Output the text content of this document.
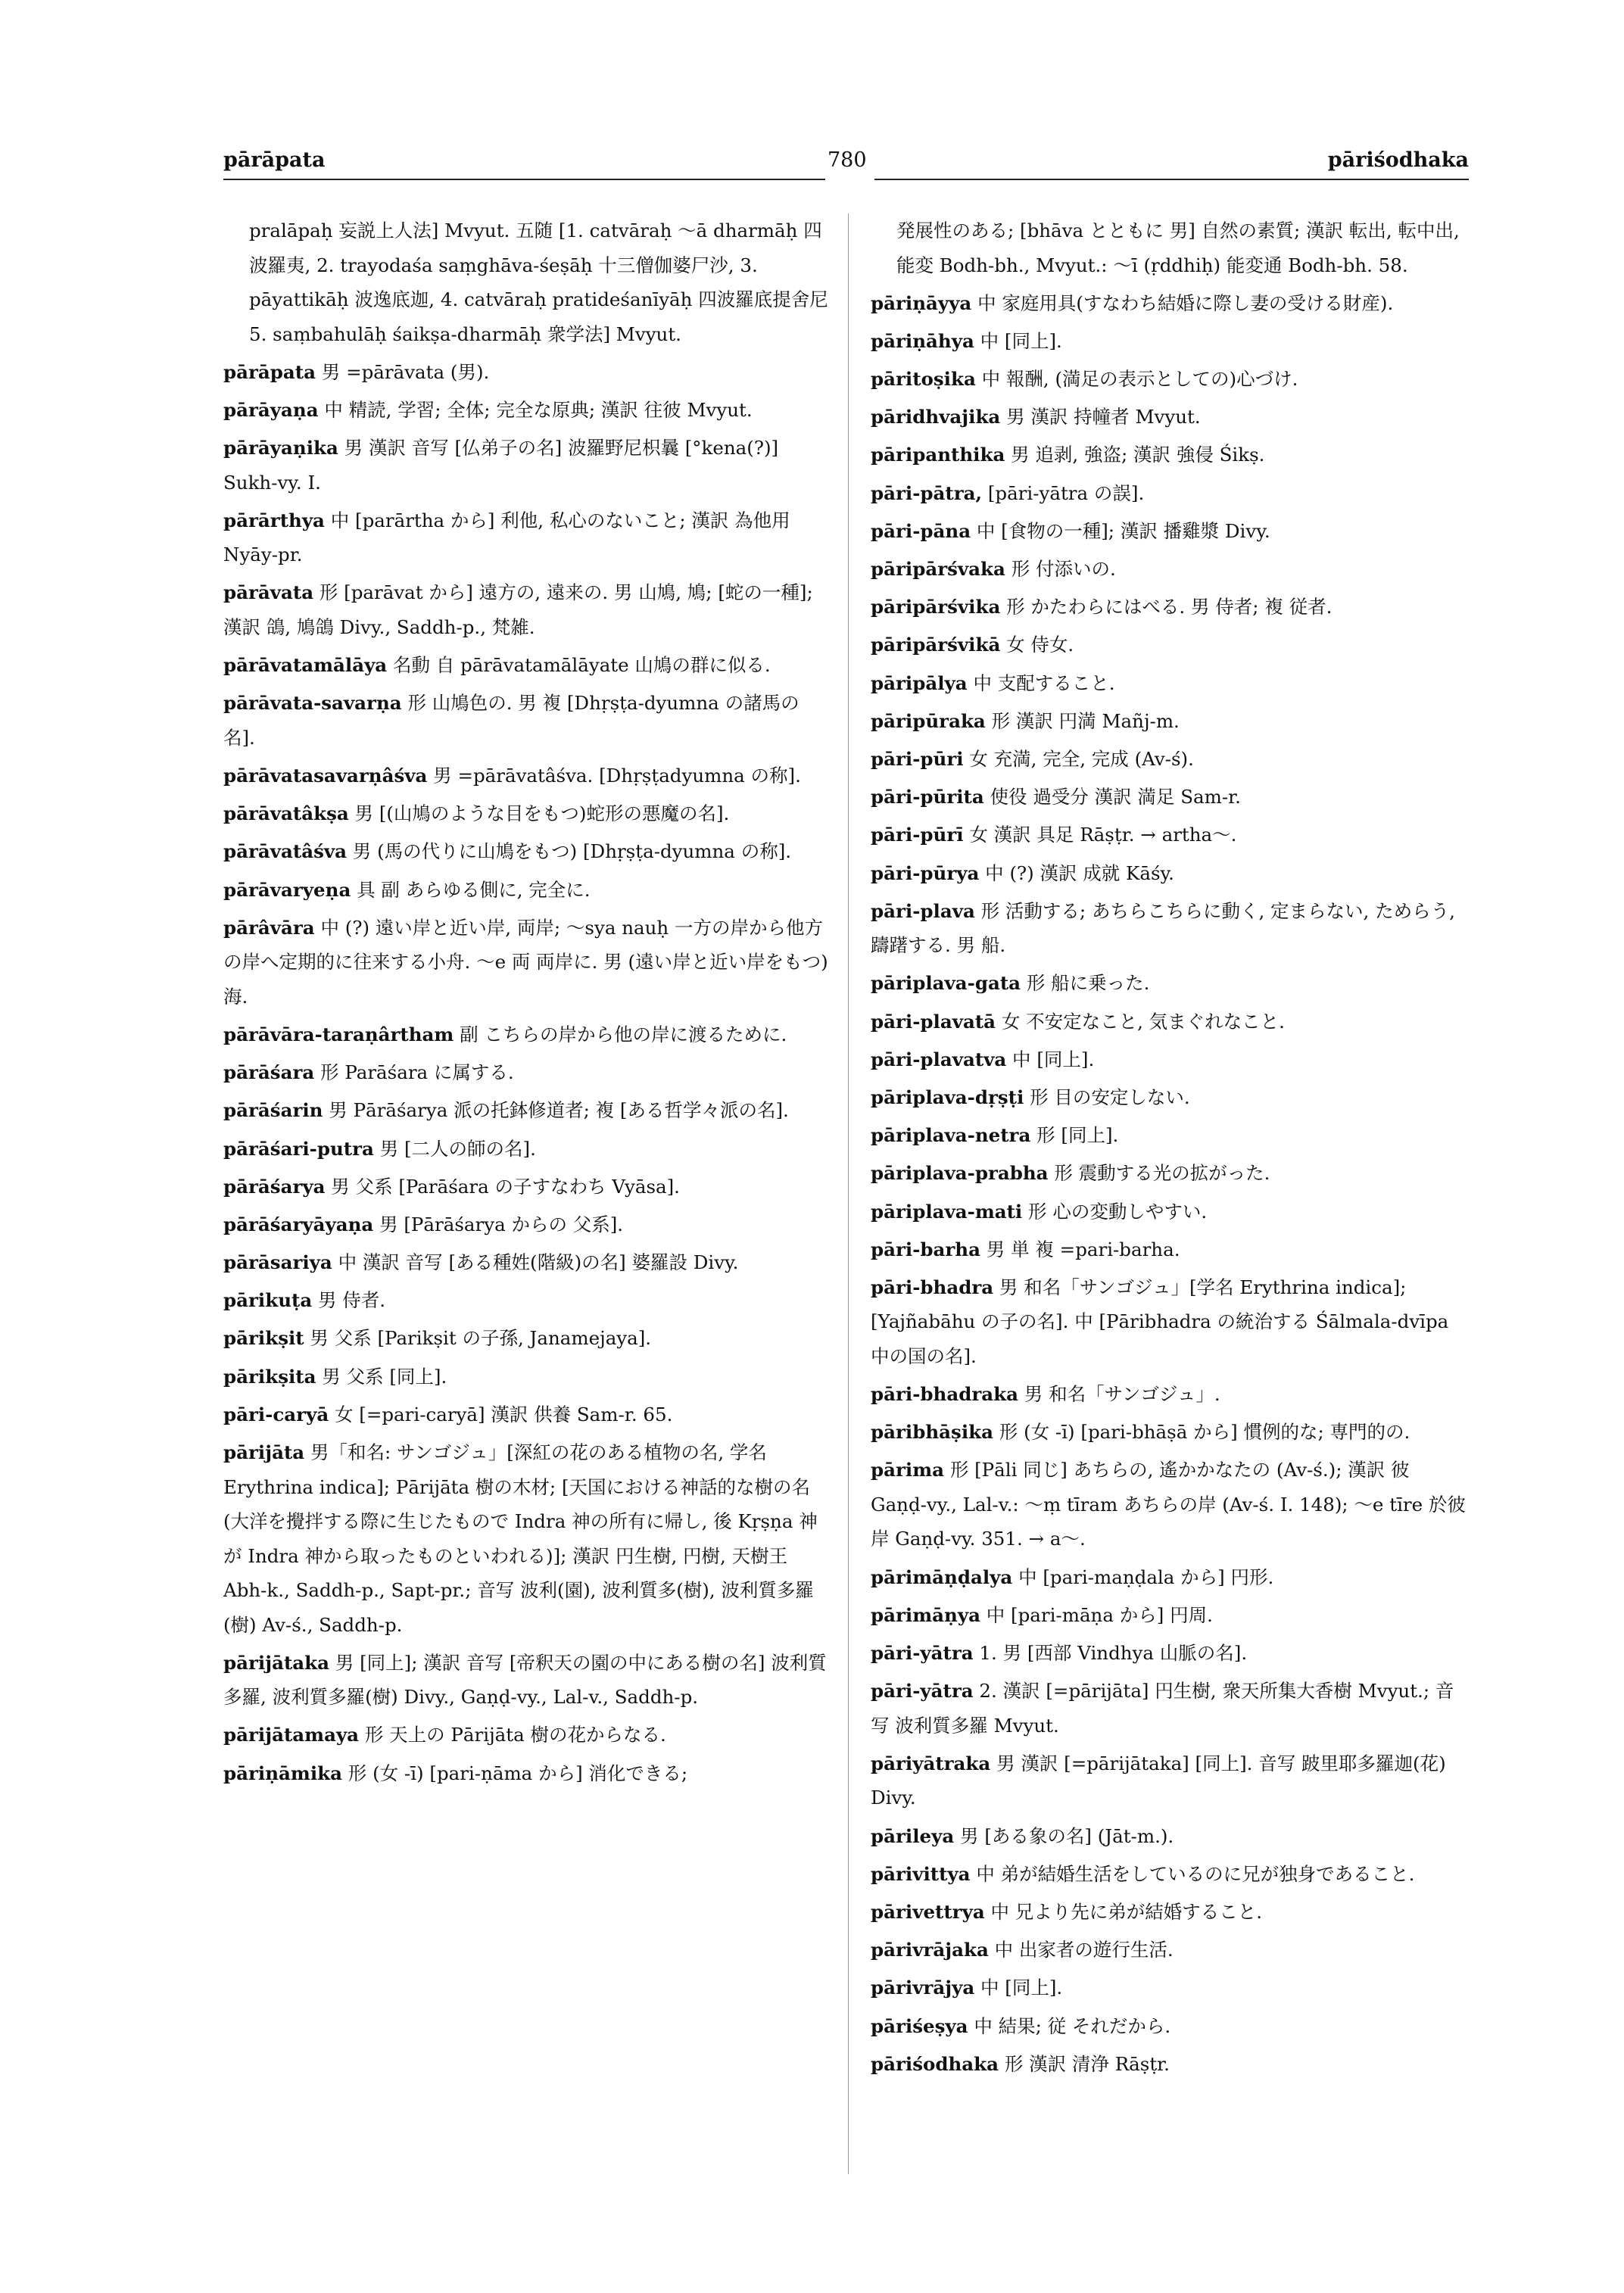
pārāpata	780	pāriśodhaka
pralāpaḥ 妄説上人法] Mvyut. 五随 [1. catvāraḥ ～ā dharmāḥ 四波羅夷, 2. trayodaśa saṃghāva-śeṣāḥ 十三僧伽婆尸沙, 3. pāyattikāḥ 波逸底迦, 4. catvāraḥ pratideśanīyāḥ 四波羅底提舍尼 5. saṃbahulāḥ śaikṣa-dharmāḥ 衆学法] Mvyut.
pārāpata 男 =pārāvata (男).
pārāyaṇa 中 精読, 学習; 全体; 完全な原典; 漢訳 往彼 Mvyut.
pārāyaṇika 男 漢訳 音写 [仏弟子の名] 波羅野尼枳曩 [°kena(?)] Sukh-vy. I.
pārārthya 中 [parārtha から] 利他, 私心のないこと; 漢訳 為他用 Nyāy-pr.
pārāvata 形 [parāvat から] 遠方の, 遠来の. 男 山鳩, 鳩; [蛇の一種]; 漢訳 鴿, 鳩鴿 Divy., Saddh-p., 梵雑.
pārāvatamālāya 名動 自 pārāvatamālāyate 山鳩の群に似る.
pārāvata-savarṇa 形 山鳩色の. 男 複 [Dhṛṣṭa-dyumna の諸馬の名].
pārāvatasavarṇâśva 男 =pārāvatâśva. [Dhṛṣṭadyumna の称].
pārāvatâkṣa 男 [(山鳩のような目をもつ)蛇形の悪魔の名].
pārāvatâśva 男 (馬の代りに山鳩をもつ) [Dhṛṣṭa-dyumna の称].
pārāvaryeṇa 具 副 あらゆる側に, 完全に.
pārâvāra 中 (?) 遠い岸と近い岸, 両岸; ～sya nauḥ 一方の岸から他方の岸へ定期的に往来する小舟. ～e 両 両岸に. 男 (遠い岸と近い岸をもつ)海.
pārāvāra-taraṇârtham 副 こちらの岸から他の岸に渡るために.
pārāśara 形 Parāśara に属する.
pārāśarin 男 Pārāśarya 派の托鉢修道者; 複 [ある哲学々派の名].
pārāśari-putra 男 [二人の師の名].
pārāśarya 男 父系 [Parāśara の子すなわち Vyāsa].
pārāśaryāyaṇa 男 [Pārāśarya からの 父系].
pārāsariya 中 漢訳 音写 [ある種姓(階級)の名] 婆羅設 Divy.
pārikuṭa 男 侍者.
pārikṣit 男 父系 [Parikṣit の子孫, Janamejaya].
pārikṣita 男 父系 [同上].
pāri-caryā 女 [=pari-caryā] 漢訳 供養 Sam-r. 65.
pārijāta 男「和名: サンゴジュ」[深紅の花のある植物の名, 学名 Erythrina indica]; Pārijāta 樹の木材; [天国における神話的な樹の名(大洋を攪拌する際に生じたもので Indra 神の所有に帰し, 後 Kṛṣṇa 神が Indra 神から取ったものといわれる)]; 漢訳 円生樹, 円樹, 天樹王 Abh-k., Saddh-p., Sapt-pr.; 音写 波利(園), 波利質多(樹), 波利質多羅(樹) Av-ś., Saddh-p.
pārijātaka 男 [同上]; 漢訳 音写 [帝釈天の園の中にある樹の名] 波利質多羅, 波利質多羅(樹) Divy., Gaṇḍ-vy., Lal-v., Saddh-p.
pārijātamaya 形 天上の Pārijāta 樹の花からなる.
pāriṇāmika 形 (女 -ī) [pari-ṇāma から] 消化できる;
発展性のある; [bhāva とともに 男] 自然の素質; 漢訳 転出, 転中出, 能変 Bodh-bh., Mvyut.: ～ī (ṛddhiḥ) 能変通 Bodh-bh. 58.
pāriṇāyya 中 家庭用具(すなわち結婚に際し妻の受ける財産).
pāriṇāhya 中 [同上].
pāritoṣika 中 報酬, (満足の表示としての)心づけ.
pāridhvajika 男 漢訳 持幢者 Mvyut.
pāripanthika 男 追剥, 強盗; 漢訳 強侵 Śikṣ.
pāri-pātra, [pāri-yātra の誤].
pāri-pāna 中 [食物の一種]; 漢訳 播雞漿 Divy.
pāripārśvaka 形 付添いの.
pāripārśvika 形 かたわらにはべる. 男 侍者; 複 従者.
pāripārśvikā 女 侍女.
pāripālya 中 支配すること.
pāripūraka 形 漢訳 円満 Mañj-m.
pāri-pūri 女 充満, 完全, 完成 (Av-ś).
pāri-pūrita 使役 過受分 漢訳 満足 Sam-r.
pāri-pūrī 女 漢訳 具足 Rāṣṭr. → artha～.
pāri-pūrya 中 (?) 漢訳 成就 Kāśy.
pāri-plava 形 活動する; あちらこちらに動く, 定まらない, ためらう, 躊躇する. 男 船.
pāriplava-gata 形 船に乗った.
pāri-plavatā 女 不安定なこと, 気まぐれなこと.
pāri-plavatva 中 [同上].
pāriplava-dṛṣṭi 形 目の安定しない.
pāriplava-netra 形 [同上].
pāriplava-prabha 形 震動する光の拡がった.
pāriplava-mati 形 心の変動しやすい.
pāri-barha 男 単 複 =pari-barha.
pāri-bhadra 男 和名「サンゴジュ」[学名 Erythrina indica]; [Yajñabāhu の子の名]. 中 [Pāribhadra の統治する Śālmala-dvīpa 中の国の名].
pāri-bhadraka 男 和名「サンゴジュ」.
pāribhāṣika 形 (女 -ī) [pari-bhāṣā から] 慣例的な; 専門的の.
pārima 形 [Pāli 同じ] あちらの, 遙かかなたの (Av-ś.); 漢訳 彼 Gaṇḍ-vy., Lal-v.: ～ṃ tīram あちらの岸 (Av-ś. I. 148); ～e tīre 於彼岸 Gaṇḍ-vy. 351. → a～.
pārimāṇḍalya 中 [pari-maṇḍala から] 円形.
pārimāṇya 中 [pari-māṇa から] 円周.
pāri-yātra 1. 男 [西部 Vindhya 山脈の名].
pāri-yātra 2. 漢訳 [=pārijāta] 円生樹, 衆天所集大香樹 Mvyut.; 音写 波利質多羅 Mvyut.
pāriyātraka 男 漢訳 [=pārijātaka] [同上]. 音写 跛里耶多羅迦(花) Divy.
pārileya 男 [ある象の名] (Jāt-m.).
pārivittya 中 弟が結婚生活をしているのに兄が独身であること.
pārivettrya 中 兄より先に弟が結婚すること.
pārivrājaka 中 出家者の遊行生活.
pārivrājya 中 [同上].
pāriśeṣya 中 結果; 従 それだから.
pāriśodhaka 形 漢訳 清浄 Rāṣṭr.
